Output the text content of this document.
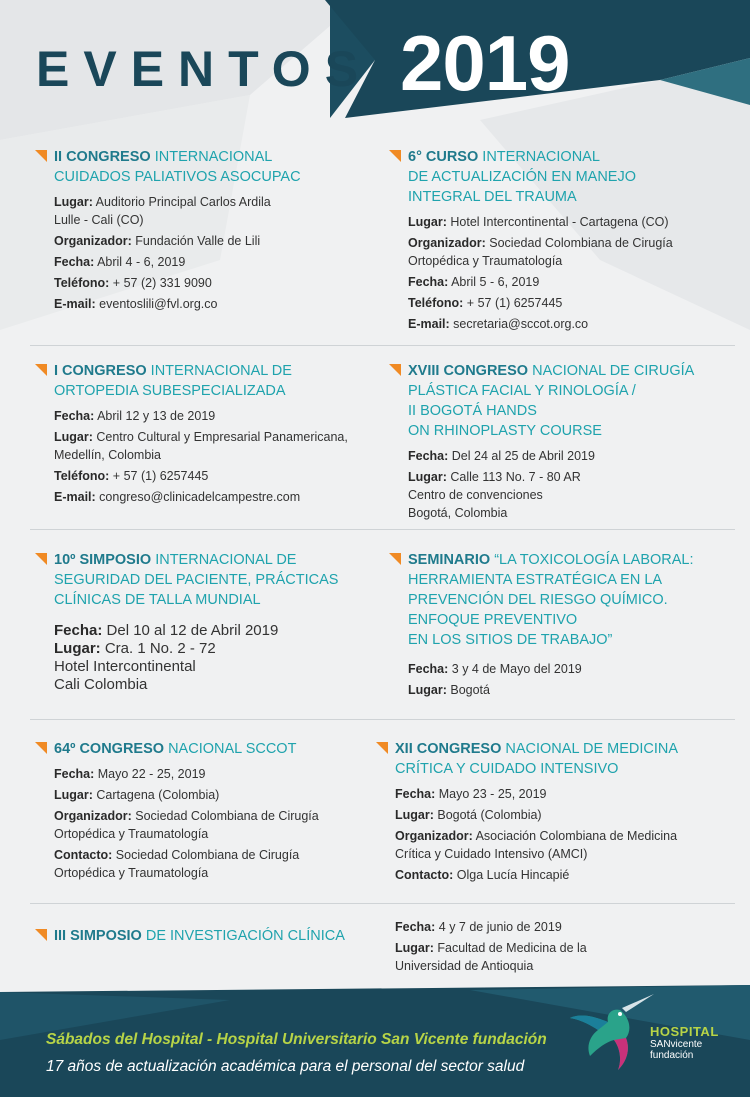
EVENTOS 2019
II CONGRESO INTERNACIONAL
CUIDADOS PALIATIVOS ASOCUPAC
Lugar: Auditorio Principal Carlos Ardila
Lulle - Cali (CO)
Organizador: Fundación Valle de Lili
Fecha: Abril 4 - 6, 2019
Teléfono: + 57 (2) 331 9090
E-mail: eventoslili@fvl.org.co
6° CURSO INTERNACIONAL
DE ACTUALIZACIÓN EN MANEJO
INTEGRAL DEL TRAUMA
Lugar: Hotel Intercontinental - Cartagena (CO)
Organizador: Sociedad Colombiana de Cirugía
Ortopédica y Traumatología
Fecha: Abril 5 - 6, 2019
Teléfono: + 57 (1) 6257445
E-mail: secretaria@sccot.org.co
I CONGRESO INTERNACIONAL DE
ORTOPEDIA SUBESPECIALIZADA
Fecha: Abril 12 y 13 de 2019
Lugar: Centro Cultural y Empresarial Panamericana,
Medellín, Colombia
Teléfono: + 57 (1) 6257445
E-mail: congreso@clinicadelcampestre.com
XVIII CONGRESO NACIONAL DE CIRUGÍA
PLÁSTICA FACIAL Y RINOLOGÍA /
II BOGOTÁ HANDS
ON RHINOPLASTY COURSE
Fecha: Del 24 al 25 de Abril 2019
Lugar: Calle 113 No. 7 - 80 AR
Centro de convenciones
Bogotá, Colombia
10º SIMPOSIO INTERNACIONAL DE
SEGURIDAD DEL PACIENTE, PRÁCTICAS
CLÍNICAS DE TALLA MUNDIAL
Fecha: Del 10 al 12 de Abril 2019
Lugar: Cra. 1 No. 2 - 72
Hotel Intercontinental
Cali Colombia
SEMINARIO “LA TOXICOLOGÍA LABORAL:
HERRAMIENTA ESTRATÉGICA EN LA
PREVENCIÓN DEL RIESGO QUÍMICO.
ENFOQUE PREVENTIVO
EN LOS SITIOS DE TRABAJO”
Fecha: 3 y 4 de Mayo del 2019
Lugar: Bogotá
64º CONGRESO NACIONAL SCCOT
Fecha: Mayo 22 - 25, 2019
Lugar: Cartagena (Colombia)
Organizador: Sociedad Colombiana de Cirugía
Ortopédica y Traumatología
Contacto: Sociedad Colombiana de Cirugía
Ortopédica y Traumatología
XII CONGRESO NACIONAL DE MEDICINA
CRÍTICA Y CUIDADO INTENSIVO
Fecha: Mayo 23 - 25, 2019
Lugar: Bogotá (Colombia)
Organizador: Asociación Colombiana de Medicina
Crítica y Cuidado Intensivo (AMCI)
Contacto: Olga Lucía Hincapié
III SIMPOSIO DE INVESTIGACIÓN CLÍNICA
Fecha: 4 y 7 de junio de 2019
Lugar: Facultad de Medicina de la
Universidad de Antioquia
Sábados del Hospital - Hospital Universitario San Vicente fundación
17 años de actualización académica para el personal del sector salud
HOSPITAL
SANvicente
fundación
